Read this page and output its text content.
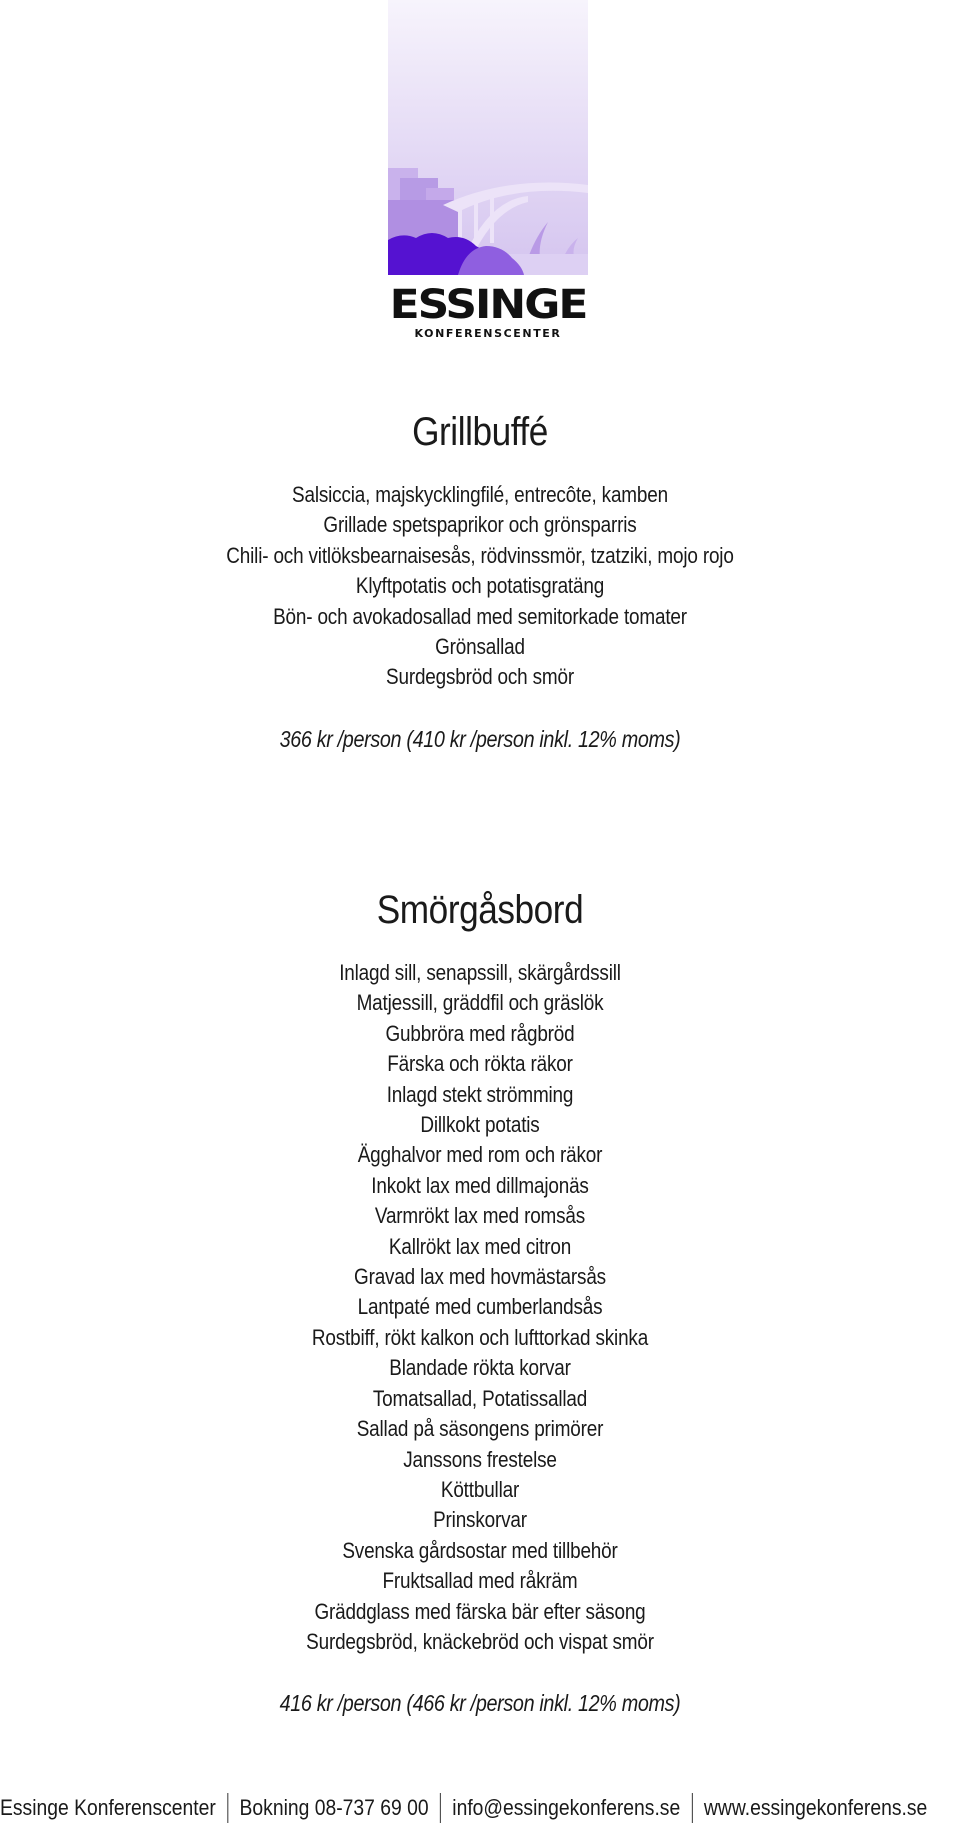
ESSINGE
KONFERENSCENTER
Grillbuffé
Salsiccia, majskycklingfilé, entrecôte, kamben
Grillade spetspaprikor och grönsparris
Chili- och vitlöksbearnaisesås, rödvinssmör, tzatziki, mojo rojo
Klyftpotatis och potatisgratäng
Bön- och avokadosallad med semitorkade tomater
Grönsallad
Surdegsbröd och smör
366 kr /person (410 kr /person inkl. 12% moms)
Smörgåsbord
Inlagd sill, senapssill, skärgårdssill
Matjessill, gräddfil och gräslök
Gubbröra med rågbröd
Färska och rökta räkor
Inlagd stekt strömming
Dillkokt potatis
Ägghalvor med rom och räkor
Inkokt lax med dillmajonäs
Varmrökt lax med romsås
Kallrökt lax med citron
Gravad lax med hovmästarsås
Lantpaté med cumberlandsås
Rostbiff, rökt kalkon och lufttorkad skinka
Blandade rökta korvar
Tomatsallad, Potatissallad
Sallad på säsongens primörer
Janssons frestelse
Köttbullar
Prinskorvar
Svenska gårdsostar med tillbehör
Fruktsallad med råkräm
Gräddglass med färska bär efter säsong
Surdegsbröd, knäckebröd och vispat smör
416 kr /person (466 kr /person inkl. 12% moms)
Essinge Konferenscenter	Bokning 08-737 69 00	info@essingekonferens.se	www.essingekonferens.se
